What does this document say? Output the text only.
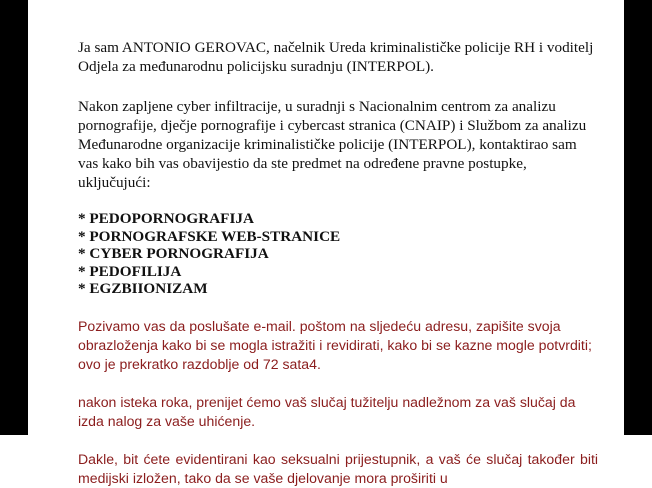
Ja sam ANTONIO GEROVAC, načelnik Ureda kriminalističke policije RH i voditelj Odjela za međunarodnu policijsku suradnju (INTERPOL).

Nakon zapljene cyber infiltracije, u suradnji s Nacionalnim centrom za analizu pornografije, dječje pornografije i cybercast stranica (CNAIP) i Službom za analizu Međunarodne organizacije kriminalističke policije (INTERPOL), kontaktirao sam vas kako bih vas obavijestio da ste predmet na određene pravne postupke, uključujući:

* PEDOPORNOGRAFIJA
* PORNOGRAFSKE WEB-STRANICE
* CYBER PORNOGRAFIJA
* PEDOFILIJA
* EGZBIIONIZAM

Pozivamo vas da poslušate e-mail. poštom na sljedeću adresu, zapišite svoja obrazloženja kako bi se mogla istražiti i revidirati, kako bi se kazne mogle potvrditi; ovo je prekratko razdoblje od 72 sata4.

nakon isteka roka, prenijet ćemo vaš slučaj tužitelju nadležnom za vaš slučaj da izda nalog za vaše uhićenje.

Dakle, bit ćete evidentirani kao seksualni prijestupnik, a vaš će slučaj također biti medijski izložen, tako da se vaše djelovanje mora proširiti u
